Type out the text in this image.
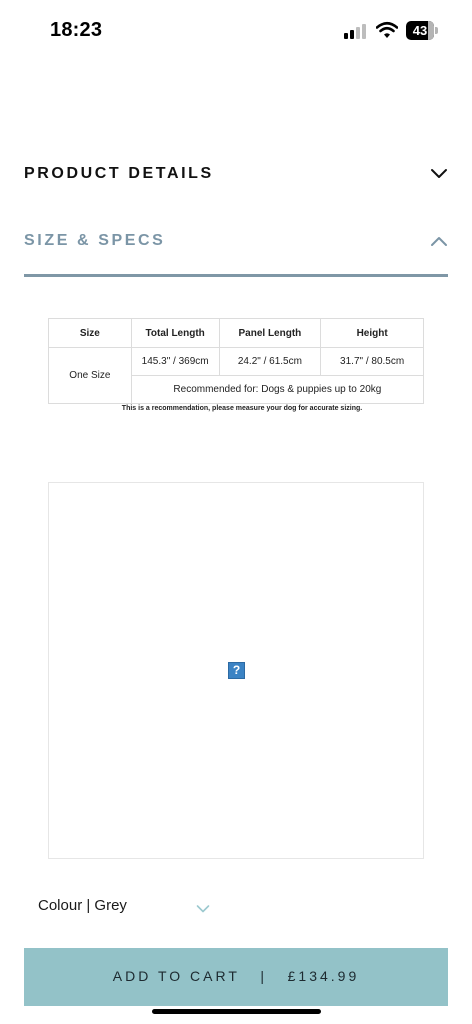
18:23	43
PRODUCT DETAILS
SIZE & SPECS
Size	Total Length	Panel Length	Height
One Size	145.3" / 369cm	24.2" / 61.5cm	31.7" / 80.5cm
	Recommended for: Dogs & puppies up to 20kg		
This is a recommendation, please measure your dog for accurate sizing.
?
Colour | Grey
ADD TO CART   |   £134.99
